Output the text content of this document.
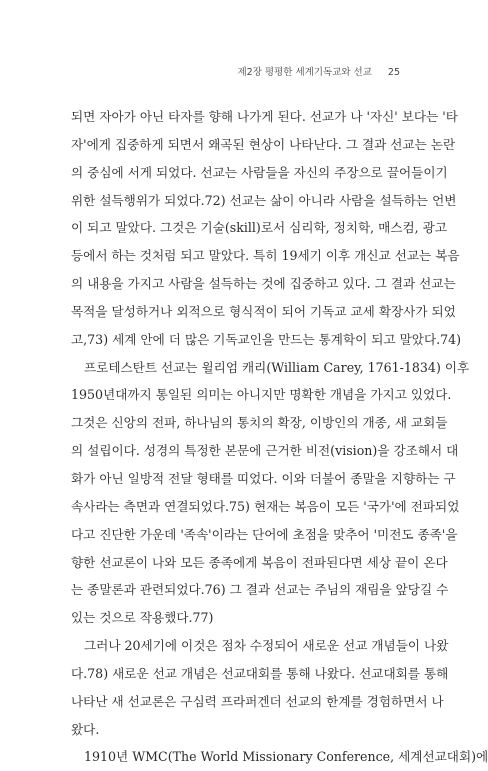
제2장 평평한 세계기독교와 선교 25
되면 자아가 아닌 타자를 향해 나가게 된다. 선교가 나 '자신' 보다는 '타
자'에게 집중하게 되면서 왜곡된 현상이 나타난다. 그 결과 선교는 논란
의 중심에 서게 되었다. 선교는 사람들을 자신의 주장으로 끌어들이기
위한 설득행위가 되었다.72) 선교는 삶이 아니라 사람을 설득하는 언변
이 되고 말았다. 그것은 기술(skill)로서 심리학, 정치학, 매스컴, 광고
등에서 하는 것처럼 되고 말았다. 특히 19세기 이후 개신교 선교는 복음
의 내용을 가지고 사람을 설득하는 것에 집중하고 있다. 그 결과 선교는
목적을 달성하거나 외적으로 형식적이 되어 기독교 교세 확장사가 되었
고,73) 세계 안에 더 많은 기독교인을 만드는 통계학이 되고 말았다.74)
프로테스탄트 선교는 윌리엄 캐리(William Carey, 1761-1834) 이후
1950년대까지 통일된 의미는 아니지만 명확한 개념을 가지고 있었다.
그것은 신앙의 전파, 하나님의 통치의 확장, 이방인의 개종, 새 교회들
의 설립이다. 성경의 특정한 본문에 근거한 비전(vision)을 강조해서 대
화가 아닌 일방적 전달 형태를 띠었다. 이와 더불어 종말을 지향하는 구
속사라는 측면과 연결되었다.75) 현재는 복음이 모든 '국가'에 전파되었
다고 진단한 가운데 '족속'이라는 단어에 초점을 맞추어 '미전도 종족'을
향한 선교론이 나와 모든 종족에게 복음이 전파된다면 세상 끝이 온다
는 종말론과 관련되었다.76) 그 결과 선교는 주님의 재림을 앞당길 수
있는 것으로 작용했다.77)
그러나 20세기에 이것은 점차 수정되어 새로운 선교 개념들이 나왔
다.78) 새로운 선교 개념은 선교대회를 통해 나왔다. 선교대회를 통해
나타난 새 선교론은 구심력 프라퍼겐더 선교의 한계를 경험하면서 나
왔다.
1910년 WMC(The World Missionary Conference, 세계선교대회)에
